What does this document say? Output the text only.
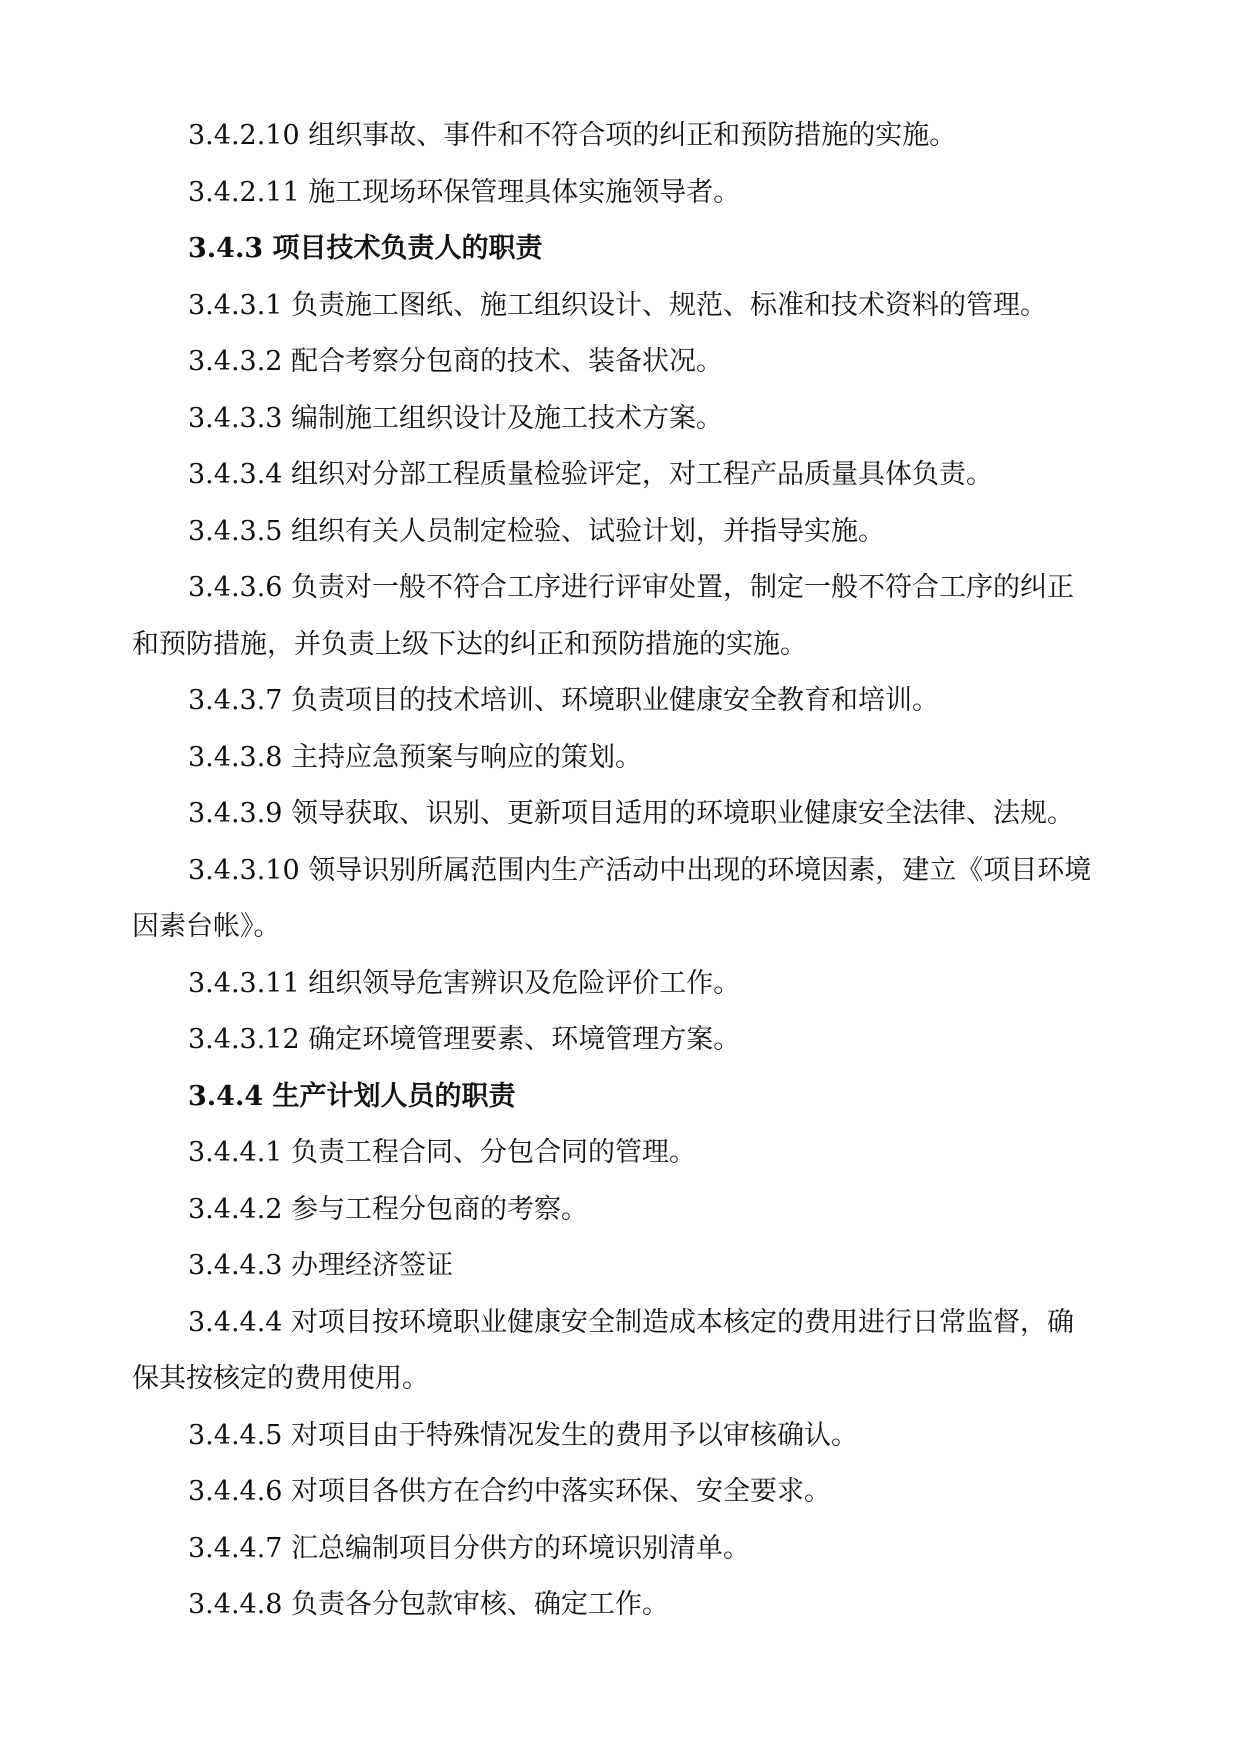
3.4.2.10 组织事故、事件和不符合项的纠正和预防措施的实施。

3.4.2.11 施工现场环保管理具体实施领导者。

3.4.3 项目技术负责人的职责

3.4.3.1 负责施工图纸、施工组织设计、规范、标准和技术资料的管理。

3.4.3.2 配合考察分包商的技术、装备状况。

3.4.3.3 编制施工组织设计及施工技术方案。

3.4.3.4 组织对分部工程质量检验评定，对工程产品质量具体负责。

3.4.3.5 组织有关人员制定检验、试验计划，并指导实施。

3.4.3.6 负责对一般不符合工序进行评审处置，制定一般不符合工序的纠正

和预防措施，并负责上级下达的纠正和预防措施的实施。

3.4.3.7 负责项目的技术培训、环境职业健康安全教育和培训。

3.4.3.8 主持应急预案与响应的策划。

3.4.3.9 领导获取、识别、更新项目适用的环境职业健康安全法律、法规。

3.4.3.10 领导识别所属范围内生产活动中出现的环境因素，建立《项目环境

因素台帐》。

3.4.3.11 组织领导危害辨识及危险评价工作。

3.4.3.12 确定环境管理要素、环境管理方案。

3.4.4 生产计划人员的职责

3.4.4.1 负责工程合同、分包合同的管理。

3.4.4.2 参与工程分包商的考察。

3.4.4.3 办理经济签证

3.4.4.4 对项目按环境职业健康安全制造成本核定的费用进行日常监督，确

保其按核定的费用使用。

3.4.4.5 对项目由于特殊情况发生的费用予以审核确认。

3.4.4.6 对项目各供方在合约中落实环保、安全要求。

3.4.4.7 汇总编制项目分供方的环境识别清单。

3.4.4.8 负责各分包款审核、确定工作。
